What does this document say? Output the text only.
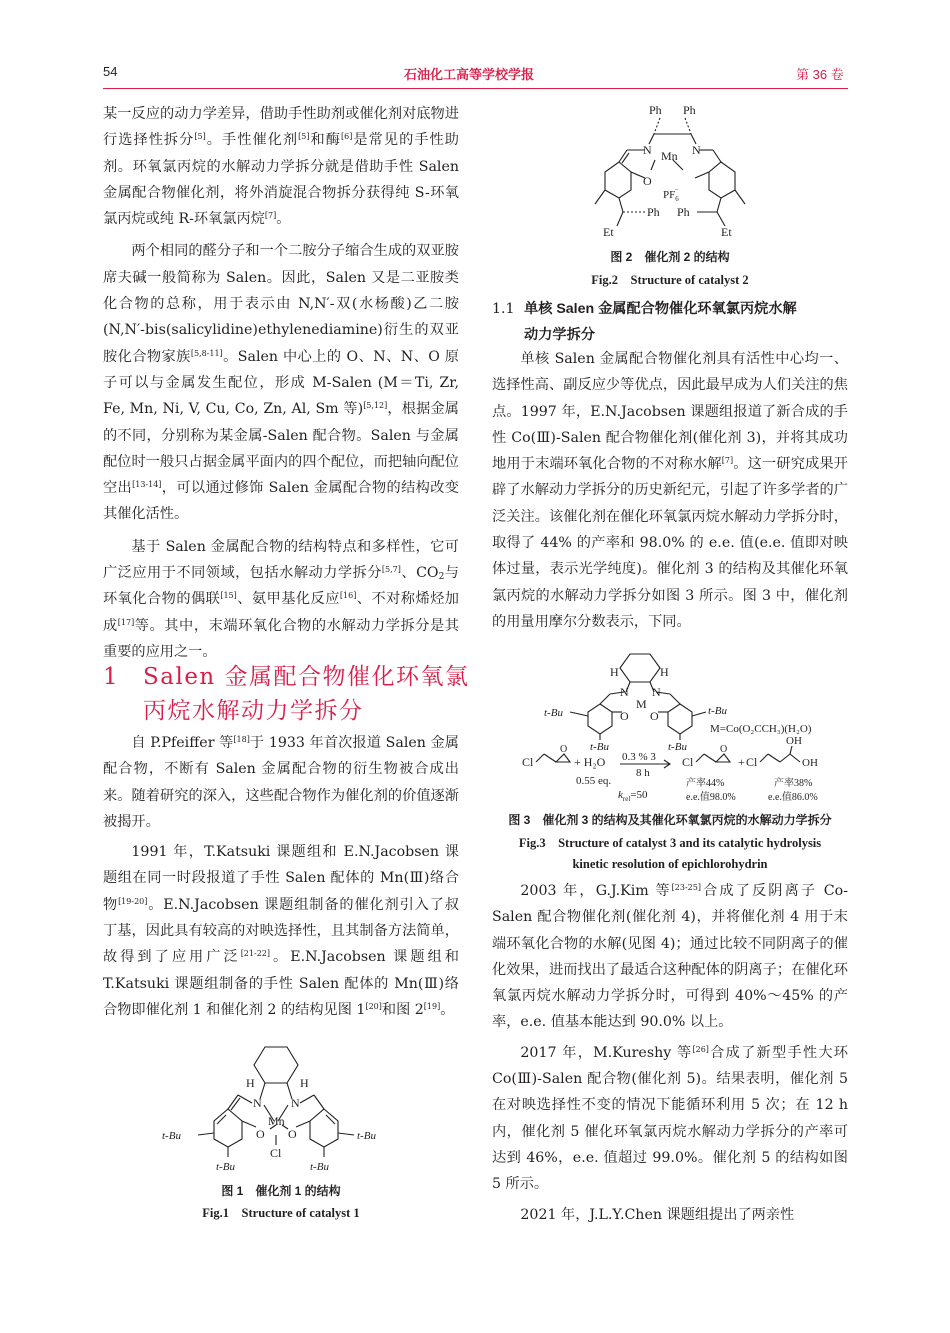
54	石油化工高等学校学报	第 36 卷

某一反应的动力学差异，借助手性助剂或催化剂对底物进行选择性拆分[5]。手性催化剂[5]和酶[6]是常见的手性助剂。环氧氯丙烷的水解动力学拆分就是借助手性 Salen 金属配合物催化剂，将外消旋混合物拆分获得纯 S-环氧氯丙烷或纯 R-环氧氯丙烷[7]。

两个相同的醛分子和一个二胺分子缩合生成的双亚胺席夫碱一般简称为 Salen。因此，Salen 又是二亚胺类化合物的总称，用于表示由 N,N′-双(水杨酸)乙二胺(N,N′-bis(salicylidine)ethylenediamine)衍生的双亚胺化合物家族[5,8-11]。Salen 中心上的 O、N、N、O 原子可以与金属发生配位，形成 M-Salen (M＝Ti, Zr, Fe, Mn, Ni, V, Cu, Co, Zn, Al, Sm 等)[5,12]，根据金属的不同，分别称为某金属-Salen 配合物。Salen 与金属配位时一般只占据金属平面内的四个配位，而把轴向配位空出[13-14]，可以通过修饰 Salen 金属配合物的结构改变其催化活性。

基于 Salen 金属配合物的结构特点和多样性，它可广泛应用于不同领域，包括水解动力学拆分[5,7]、$CO_2$与环氧化合物的偶联[15]、氨甲基化反应[16]、不对称烯烃加成[17]等。其中，末端环氧化合物的水解动力学拆分是其重要的应用之一。

1 Salen 金属配合物催化环氧氯
丙烷水解动力学拆分

自 P.Pfeiffer 等[18]于 1933 年首次报道 Salen 金属配合物，不断有 Salen 金属配合物的衍生物被合成出来。随着研究的深入，这些配合物作为催化剂的价值逐渐被揭开。

1991 年，T.Katsuki 课题组和 E.N.Jacobsen 课题组在同一时段报道了手性 Salen 配体的 Mn(Ⅲ)络合物[19-20]。E.N.Jacobsen 课题组制备的催化剂引入了叔丁基，因此具有较高的对映选择性，且其制备方法简单，故得到了应用广泛[21-22]。E.N.Jacobsen 课题组和 T.Katsuki 课题组制备的手性 Salen 配体的 Mn(Ⅲ)络合物即催化剂 1 和催化剂 2 的结构见图 1[20]和图 2[19]。

H	H
N N
Mn
O O
Cl
t-Bu	t-Bu
t-Bu	t-Bu
图 1　催化剂 1 的结构
Fig.1　Structure of catalyst 1
Ph Ph
N	N
Mn
O
$PF_6-$
Ph Ph
Et	Et
图 2　催化剂 2 的结构
Fig.2　Structure of catalyst 2
1.1 单核 Salen 金属配合物催化环氧氯丙烷水解
动力学拆分

单核 Salen 金属配合物催化剂具有活性中心均一、选择性高、副反应少等优点，因此最早成为人们关注的焦点。1997 年，E.N.Jacobsen 课题组报道了新合成的手性 Co(Ⅲ)-Salen 配合物催化剂(催化剂 3)，并将其成功地用于末端环氧化合物的不对称水解[7]。这一研究成果开辟了水解动力学拆分的历史新纪元，引起了许多学者的广泛关注。该催化剂在催化环氧氯丙烷水解动力学拆分时，取得了 44% 的产率和 98.0% 的 e.e. 值(e.e. 值即对映体过量，表示光学纯度)。催化剂 3 的结构及其催化环氧氯丙烷的水解动力学拆分如图 3 所示。图 3 中，催化剂的用量用摩尔分数表示，下同。

H	H
N N
M
O O
t-Bu	t-Bu
t-Bu	t-Bu
M=Co(O₂CCH₃)(H₂O)
Cl
O
+ H₂O
0.55 eq.
0.3 % 3
8 h
$k_{rel}=50$
Cl
O
+ Cl
OH
OH
产率44%
e.e.值98.0%
产率38%
e.e.值86.0%
图 3　催化剂 3 的结构及其催化环氧氯丙烷的水解动力学拆分
Fig.3　Structure of catalyst 3 and its catalytic hydrolysis
kinetic resolution of epichlorohydrin

2003 年，G.J.Kim 等[23-25]合成了反阴离子 Co-Salen 配合物催化剂(催化剂 4)，并将催化剂 4 用于末端环氧化合物的水解(见图 4)；通过比较不同阴离子的催化效果，进而找出了最适合这种配体的阴离子；在催化环氧氯丙烷水解动力学拆分时，可得到 40%～45% 的产率，e.e. 值基本能达到 90.0% 以上。

2017 年，M.Kureshy 等[26]合成了新型手性大环 Co(Ⅲ)-Salen 配合物(催化剂 5)。结果表明，催化剂 5 在对映选择性不变的情况下能循环利用 5 次；在 12 h 内，催化剂 5 催化环氧氯丙烷水解动力学拆分的产率可达到 46%，e.e. 值超过 99.0%。催化剂 5 的结构如图 5 所示。

2021 年，J.L.Y.Chen 课题组提出了两亲性
